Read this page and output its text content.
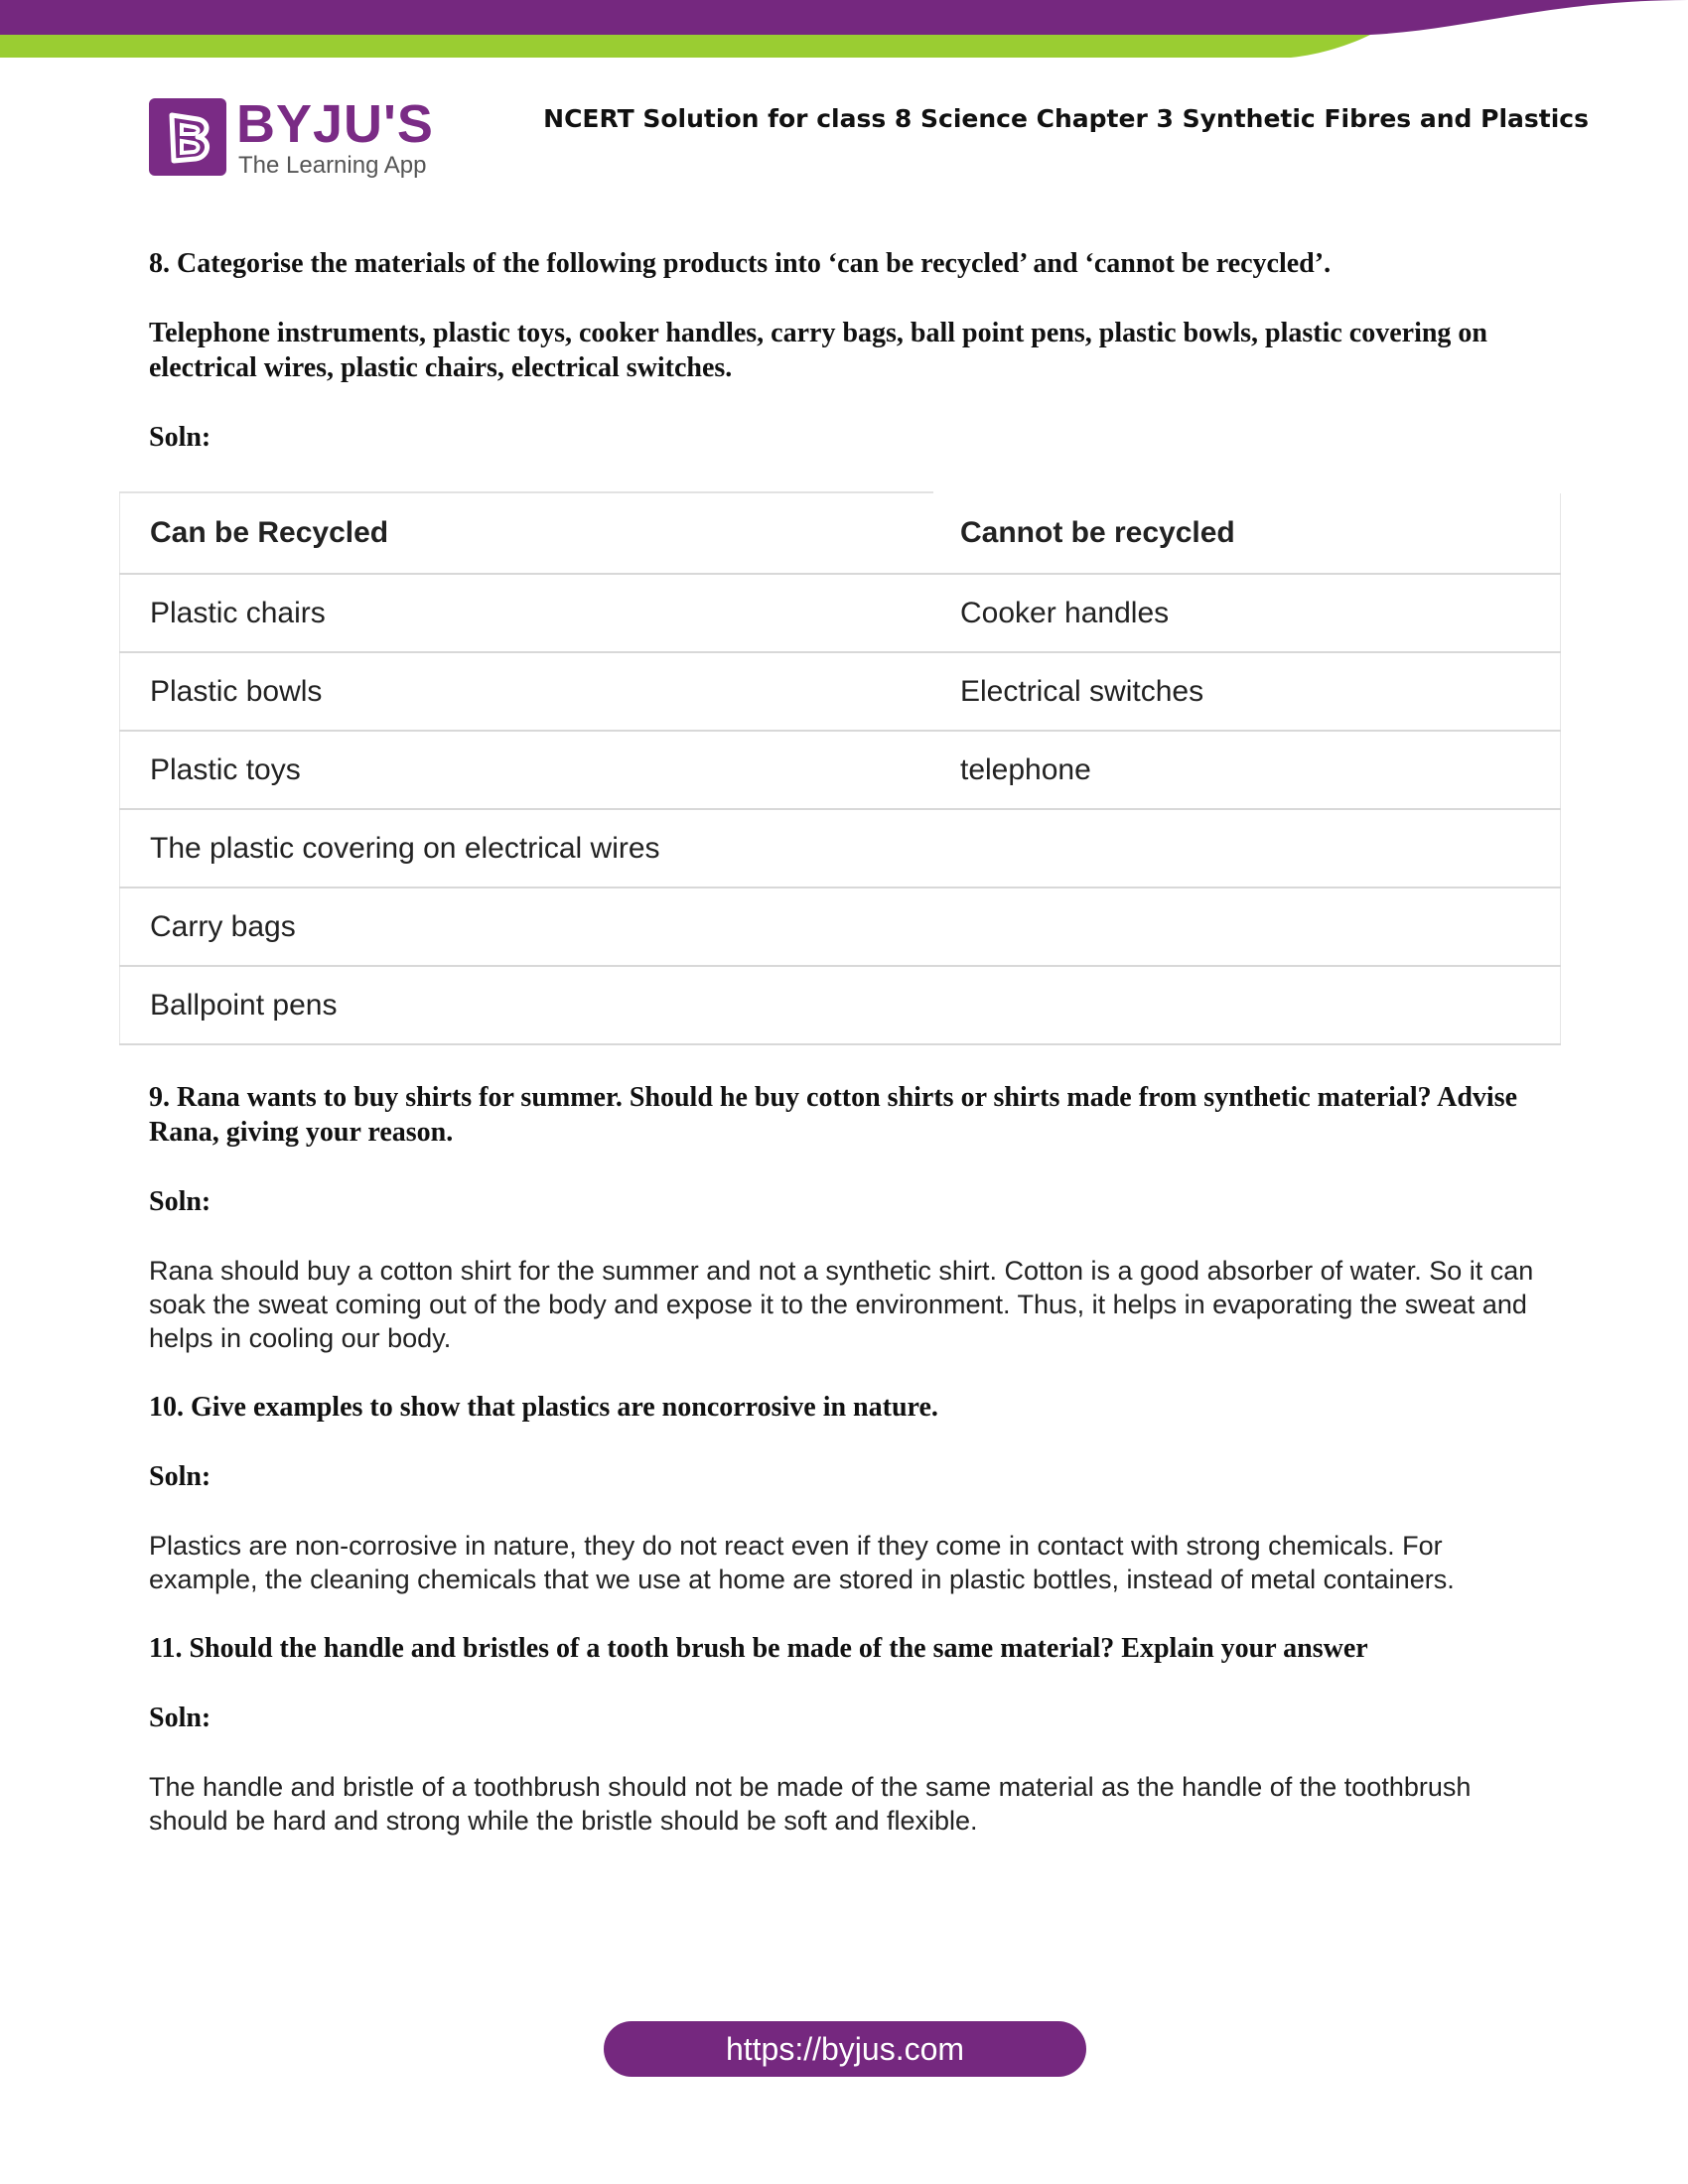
BYJU'S
The Learning App
NCERT Solution for class 8 Science Chapter 3 Synthetic Fibres and Plastics

8. Categorise the materials of the following products into ‘can be recycled’ and ‘cannot be recycled’.

Telephone instruments, plastic toys, cooker handles, carry bags, ball point pens, plastic bowls, plastic covering on electrical wires, plastic chairs, electrical switches.

Soln:

Can be Recycled	Cannot be recycled
Plastic chairs	Cooker handles
Plastic bowls	Electrical switches
Plastic toys	telephone
The plastic covering on electrical wires	
Carry bags	
Ballpoint pens	

9. Rana wants to buy shirts for summer. Should he buy cotton shirts or shirts made from synthetic material? Advise Rana, giving your reason.

Soln:

Rana should buy a cotton shirt for the summer and not a synthetic shirt. Cotton is a good absorber of water. So it can soak the sweat coming out of the body and expose it to the environment. Thus, it helps in evaporating the sweat and helps in cooling our body.

10. Give examples to show that plastics are noncorrosive in nature.

Soln:

Plastics are non-corrosive in nature, they do not react even if they come in contact with strong chemicals. For example, the cleaning chemicals that we use at home are stored in plastic bottles, instead of metal containers.

11. Should the handle and bristles of a tooth brush be made of the same material? Explain your answer

Soln:

The handle and bristle of a toothbrush should not be made of the same material as the handle of the toothbrush should be hard and strong while the bristle should be soft and flexible.

https://byjus.com
